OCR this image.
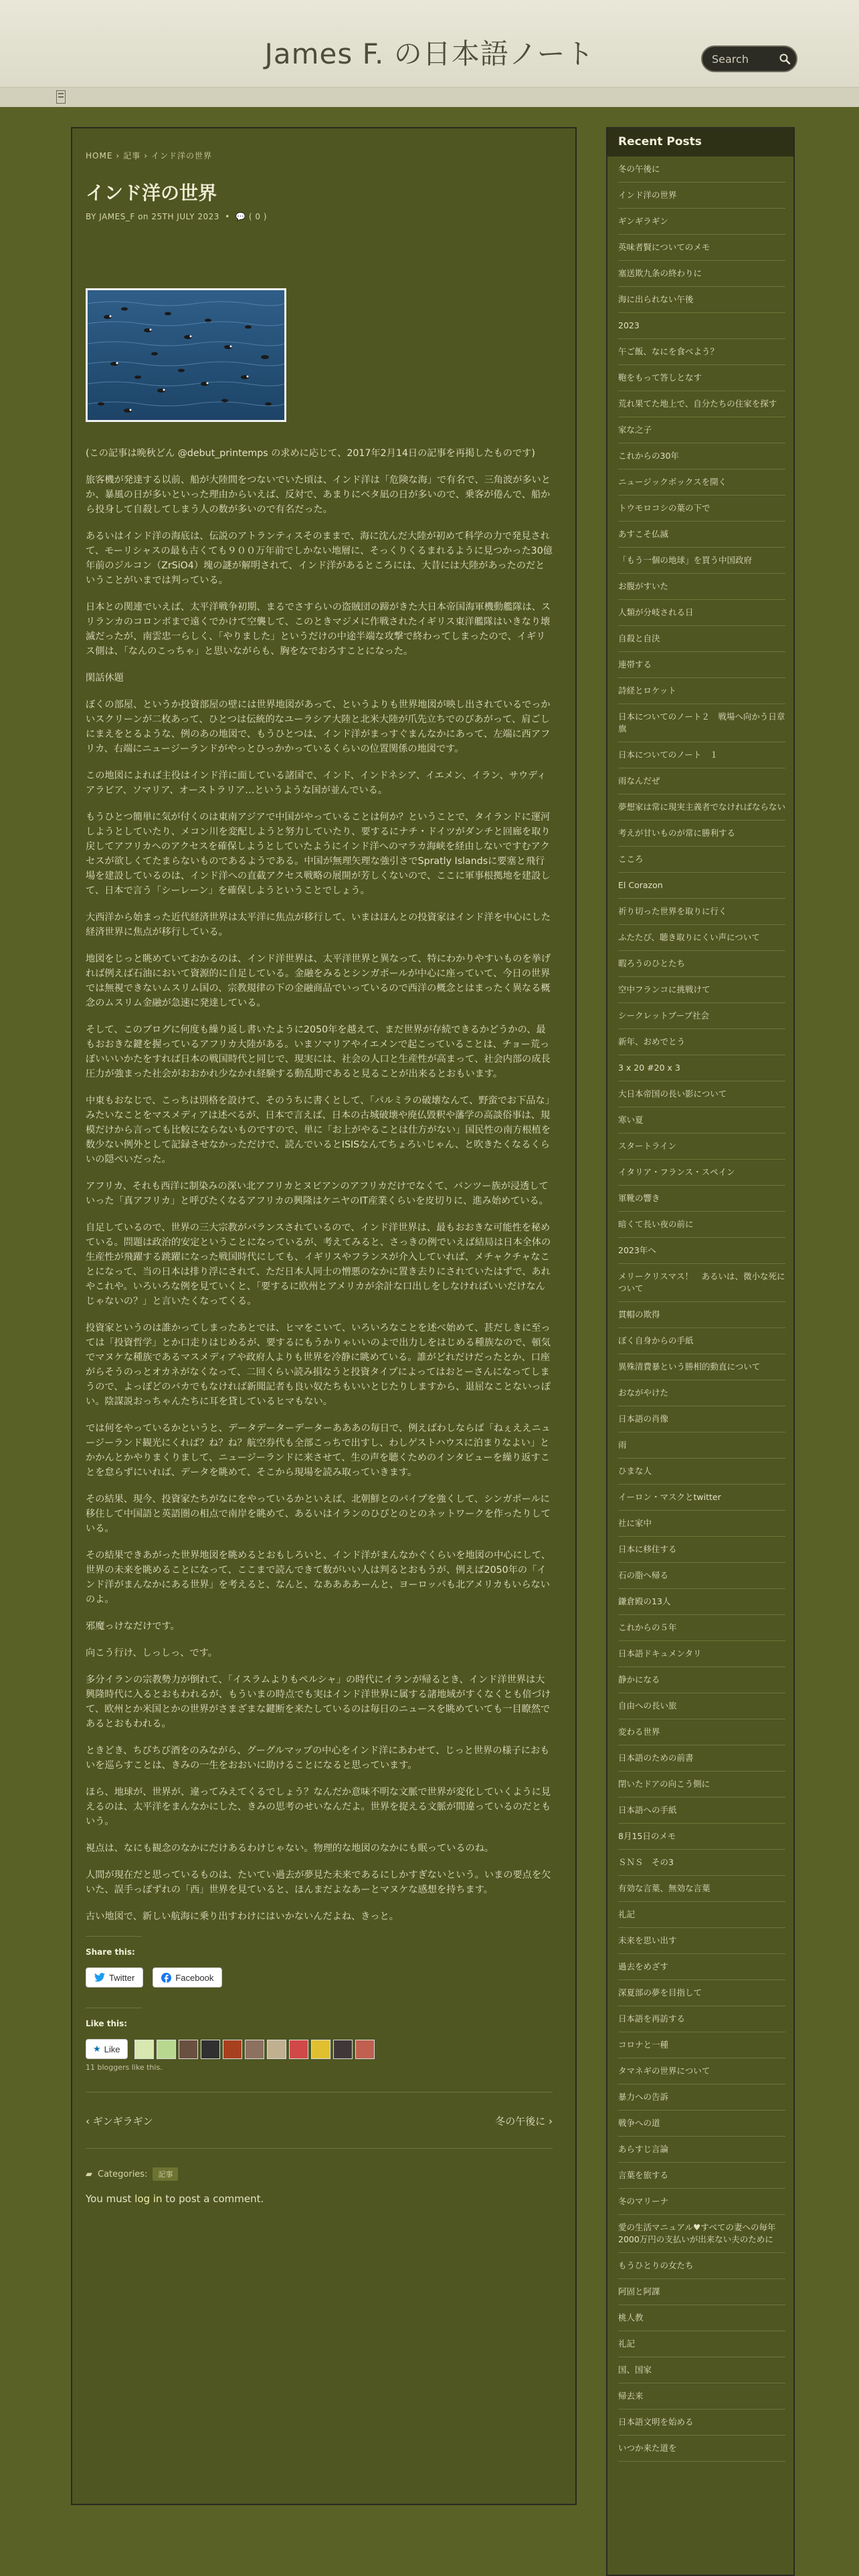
James F. の日本語ノート
Search
HOME › 記事 › インド洋の世界
インド洋の世界
BY JAMES_F on 25TH JULY 2023 • 💬 ( 0 )

(この記事は晩秋どん @debut_printemps の求めに応じて、2017年2月14日の記事を再掲したものです)

旅客機が発達する以前、船が大陸間をつないでいた頃は、インド洋は「危険な海」で有名で、三角波が多いとか、暴風の日が多いといった理由からいえば、反対で、あまりにベタ凪の日が多いので、乗客が倦んで、船から投身して自殺してしまう人の数が多いので有名だった。

あるいはインド洋の海底は、伝説のアトランティスそのままで、海に沈んだ大陸が初めて科学の力で発見されて、モーリシャスの最も古くても９００万年前でしかない地層に、そっくりくるまれるように見つかった30億年前のジルコン（ZrSiO4）塊の謎が解明されて、インド洋があるところには、大昔には大陸があったのだということがいまでは判っている。

日本との関連でいえば、太平洋戦争初期、まるでさすらいの盗賊団の蹄がきた大日本帝国海軍機動艦隊は、スリランカのコロンボまで遠くでかけて空襲して、このときマジメに作戦されたイギリス東洋艦隊はいきなり壊滅だったが、南雲忠一らしく、「やりました」というだけの中途半端な攻撃で終わってしまったので、イギリス側は、「なんのこっちゃ」と思いながらも、胸をなでおろすことになった。

閑話休題

ぼくの部屋、というか投資部屋の壁には世界地図があって、というよりも世界地図が映し出されているでっかいスクリーンが二枚あって、ひとつは伝統的なユーラシア大陸と北米大陸が爪先立ちでのびあがって、肩ごしにまえをとるような、例のあの地図で、もうひとつは、インド洋がまっすぐまんなかにあって、左端に西アフリカ、右端にニュージーランドがやっとひっかかっているくらいの位置関係の地図です。

この地図によれば主役はインド洋に面している諸国で、インド、インドネシア、イエメン、イラン、サウディアラビア、ソマリア、オーストラリア…というような国が並んでいる。

もうひとつ簡単に気が付くのは東南アジアで中国がやっていることは何か？ということで、タイランドに運河しようとしていたり、メコン川を変配しようと努力していたり、要するにナチ・ドイツがダンチと回廊を取り戻してアフリカへのアクセスを確保しようとしていたようにインド洋へのマラカ海峡を経由しないですむアクセスが欲しくてたまらないものであるようである。中国が無理矢理な強引さでSpratly Islandsに要塞と飛行場を建設しているのは、インド洋への直截アクセス戦略の展開が芳しくないので、ここに軍事根拠地を建設して、日本で言う「シーレーン」を確保しようということでしょう。

大西洋から始まった近代経済世界は太平洋に焦点が移行して、いまはほんとの投資家はインド洋を中心にした経済世界に焦点が移行している。

地図をじっと眺めていておかるのは、インド洋世界は、太平洋世界と異なって、特にわかりやすいものを挙げれば例えば石油において資源的に自足している。金融をみるとシンガポールが中心に座っていて、今日の世界では無視できないムスリム国の、宗教規律の下の金融商品でいっているので西洋の概念とはまったく異なる概念のムスリム金融が急速に発達している。

そして、このブログに何度も繰り返し書いたように2050年を越えて、まだ世界が存続できるかどうかの、最もおおきな鍵を握っているアフリカ大陸がある。いまソマリアやイエメンで起こっていることは、チョー荒っぽいいいかたをすれば日本の戦国時代と同じで、現実には、社会の人口と生産性が高まって、社会内部の成長圧力が強まった社会がおおかれ少なかれ経験する動乱期であると見ることが出来るとおもいます。

中東もおなじで、こっちは別格を設けて、そのうちに書くとして、「パルミラの破壊なんて、野蛮でお下品な」みたいなことをマスメディアは述べるが、日本で言えば、日本の古城破壊や廃仏毀釈や藩学の高談俗事は、規模だけから言っても比較にならないものですので、単に「お上がやることは仕方がない」国民性の南方根植を数少ない例外として記録させなかっただけで、読んでいるとISISなんてちょろいじゃん、と吹きたくなるくらいの隠ぺいだった。

アフリカ、それも西洋に制染みの深い北アフリカとヌビアンのアフリカだけでなくて、バンツー族が浸透していった「真アフリカ」と呼びたくなるアフリカの興隆はケニヤのIT産業くらいを皮切りに、進み始めている。

自足しているので、世界の三大宗教がバランスされているので、インド洋世界は、最もおおきな可能性を秘めている。問題は政治的安定ということになっているが、考えてみると、さっきの例でいえば結局は日本全体の生産性が飛躍する跳躍になった戦国時代にしても、イギリスやフランスが介入していれば、メチャクチャなことになって、当の日本は排り浮にされて、ただ日本人同士の憎悪のなかに置き去りにされていたはずで、あれやこれや。いろいろな例を見ていくと、「要するに欧州とアメリカが余計な口出しをしなければいいだけなんじゃないの？」と言いたくなってくる。

投資家というのは誰かってしまったあとでは、ヒマをこいて、いろいろなことを述べ始めて、甚だしきに至っては「投資哲学」とか口走りはじめるが、要するにもうかりゃいいのよで出力しをはじめる種族なので、頓気でマヌケな種族であるマスメディアや政府人よりも世界を冷静に眺めている。誰がどれだけだったとか、口座がらそうのっとオカネがなくなって、二回くらい読み損なうと投資タイプによってはおとーさんになってしまうので、よっぽどのバカでもなければ新聞記者も良い奴たちもいいとじたりしますから、退屈なことないっぽい。陰謀説おっちゃんたちに耳を貸しているヒマもない。

では何をやっているかというと、データデーターデーターあああの毎日で、例えばわしならば「ねぇええニュージーランド観光にくれば？ね？ね？航空券代も全部こっちで出すし、わしゲストハウスに泊まりなよい」とかかんとかやりまくりまして、ニュージーランドに来させて、生の声を聴くためのインタビューを繰り返すことを怠らずにいれば、データを眺めて、そこから現場を読み取っていきます。

その結果、現今、投資家たちがなにをやっているかといえば、北朝鮮とのパイプを強くして、シンガポールに移住して中国語と英語圏の相点で南岸を眺めて、あるいはイランのひびとのとのネットワークを作ったりしている。

その結果できあがった世界地図を眺めるとおもしろいと、インド洋がまんなかぐくらいを地図の中心にして、世界の未来を眺めることになって、ここまで読んできて数がいい人は判るとおもうが、例えば2050年の「インド洋がまんなかにある世界」を考えると、なんと、なああああーんと、ヨーロッパも北アメリカもいらないのよ。

邪魔っけなだけです。

向こう行け、しっしっ、です。

多分イランの宗教勢力が倒れて、「イスラムよりもペルシャ」の時代にイランが帰るとき、インド洋世界は大興隆時代に入るとおもわれるが、もういまの時点でも実はインド洋世界に属する諸地域がすくなくとも倍づけて、欧州とか米国とかの世界がさまざまな鍵断を来たしているのは毎日のニュースを眺めていても一目瞭然であるとおもわれる。

ときどき、ちびちび酒をのみながら、グーグルマップの中心をインド洋にあわせて、じっと世界の様子におもいを巡らすことは、きみの一生をおおいに助けることになると思っています。

ほら、地球が、世界が、違ってみえてくるでしょう？なんだか意味不明な文脈で世界が変化していくように見えるのは、太平洋をまんなかにした、きみの思考のせいなんだよ。世界を捉える文脈が間違っているのだともいう。

視点は、なにも観念のなかにだけあるわけじゃない。物理的な地図のなかにも眠っているのね。

人間が現在だと思っているものは、たいてい過去が夢見た未来であるにしかすぎないという。いまの要点を欠いた、誤手っぽずれの「西」世界を見ていると、ほんまだよなあーとマヌケな感想を持ちます。

古い地図で、新しい航海に乗り出すわけにはいかないんだよね、きっと。

Share this:
Twitter	Facebook
Like this:
★ Like
11 bloggers like this.
‹ ギンギラギン	冬の午後に ›
▰ Categories:	記事
You must log in to post a comment.
Recent Posts
冬の午後に
インド洋の世界
ギンギラギン
英味者賢についてのメモ
塞送欺九条の終わりに
海に出られない午後
2023
午ご飯、なにを食べよう？
鞄をもって答しとなす
荒れ果てた地上で、自分たちの住家を探す
家な之子
これからの30年
ニュージックボックスを開く
トウモロコシの葉の下で
あすこそ仏滅
「もう一個の地球」を買う中国政府
お腹がすいた
人類が分岐される日
自殺と自決
連帯する
詩経とロケット
日本についてのノート２　戦場へ向かう日章旗
日本についてのノート　１
雨なんだぜ
夢想家は常に現実主義者でなければならない
考えが甘いものが常に勝利する
こころ
El Corazon
祈り切った世界を取りに行く
ふたたび、聴き取りにくい声について
暇ろうのひとたち
空中フランコに挑戦けて
シークレットブーブ社会
新年、おめでとう
3 x 20 #20 x 3
大日本帝国の長い影について
寒い夏
スタートライン
イタリア・フランス・スペイン
軍靴の響き
暗くて長い夜の前に
2023年へ
メリークリスマス！　あるいは、微小な死について
貫帽の欺得
ぼく自身からの手紙
異殊清費暴という勝相的動直について
おながやけた
日本語の肖像
雨
ひまな人
イーロン・マスクとtwitter
社に家中
日本に移住する
石の脂へ帰る
鎌倉殿の13人
これからの５年
日本語ドキュメンタリ
静かになる
自由への長い旅
変わる世界
日本語のための前書
閉いたドアの向こう側に
日本語への手紙
8月15日のメモ
ＳＮＳ　その3
有効な言葉、無効な言葉
礼記
未来を思い出す
過去をめざす
深夏部の夢を目指して
日本語を再訪する
コロナと一種
タマネギの世界について
暴力への告訴
戦争への道
あらすじ言論
言葉を旅する
冬のマリーナ
愛の生活マニュアル♥すべての妻への毎年2000万円の支払いが出来ない夫のために
もうひとりの女たち
阿固と阿課
桃人教
礼記
国、国家
帰去来
日本語文明を始める
いつか来た道を
